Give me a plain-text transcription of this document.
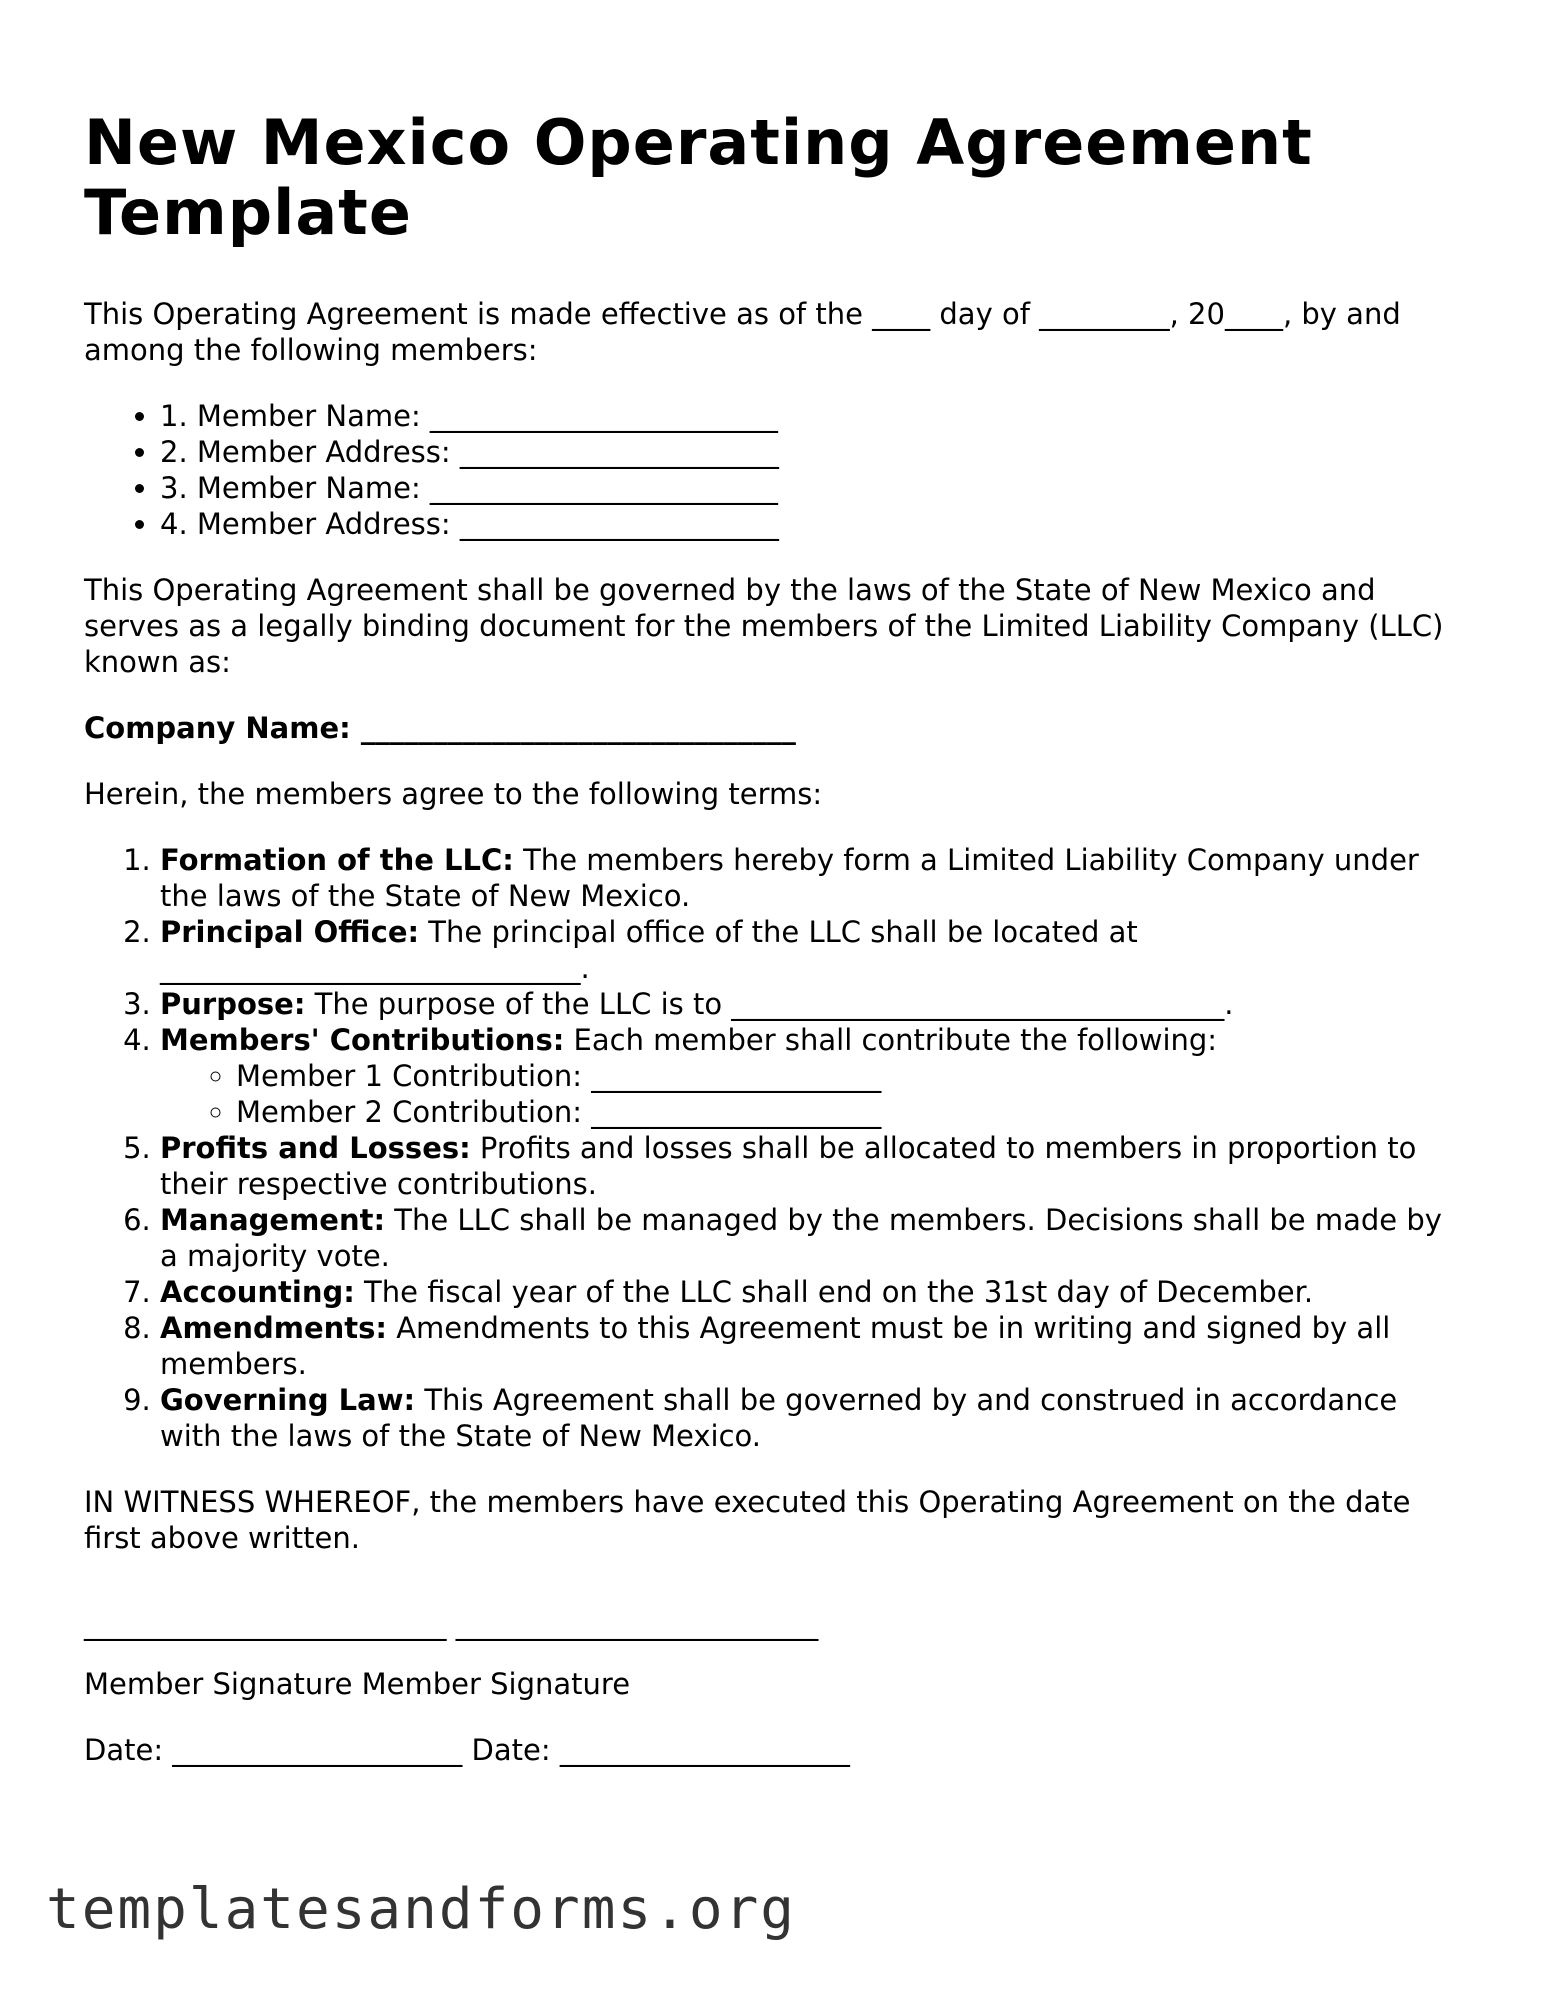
New Mexico Operating Agreement Template

This Operating Agreement is made effective as of the ____ day of _________, 20____, by and among the following members:

• 1. Member Name: ________________________
• 2. Member Address: ______________________
• 3. Member Name: ________________________
• 4. Member Address: ______________________

This Operating Agreement shall be governed by the laws of the State of New Mexico and serves as a legally binding document for the members of the Limited Liability Company (LLC) known as:

Company Name: ______________________________

Herein, the members agree to the following terms:

1. Formation of the LLC: The members hereby form a Limited Liability Company under the laws of the State of New Mexico.
2. Principal Office: The principal office of the LLC shall be located at _____________________________.
3. Purpose: The purpose of the LLC is to __________________________________.
4. Members' Contributions: Each member shall contribute the following:
◦ Member 1 Contribution: ____________________
◦ Member 2 Contribution: ____________________
5. Profits and Losses: Profits and losses shall be allocated to members in proportion to their respective contributions.
6. Management: The LLC shall be managed by the members. Decisions shall be made by a majority vote.
7. Accounting: The fiscal year of the LLC shall end on the 31st day of December.
8. Amendments: Amendments to this Agreement must be in writing and signed by all members.
9. Governing Law: This Agreement shall be governed by and construed in accordance with the laws of the State of New Mexico.

IN WITNESS WHEREOF, the members have executed this Operating Agreement on the date first above written.

_________________________ _________________________

Member Signature Member Signature

Date: ____________________ Date: ____________________

templatesandforms.org
